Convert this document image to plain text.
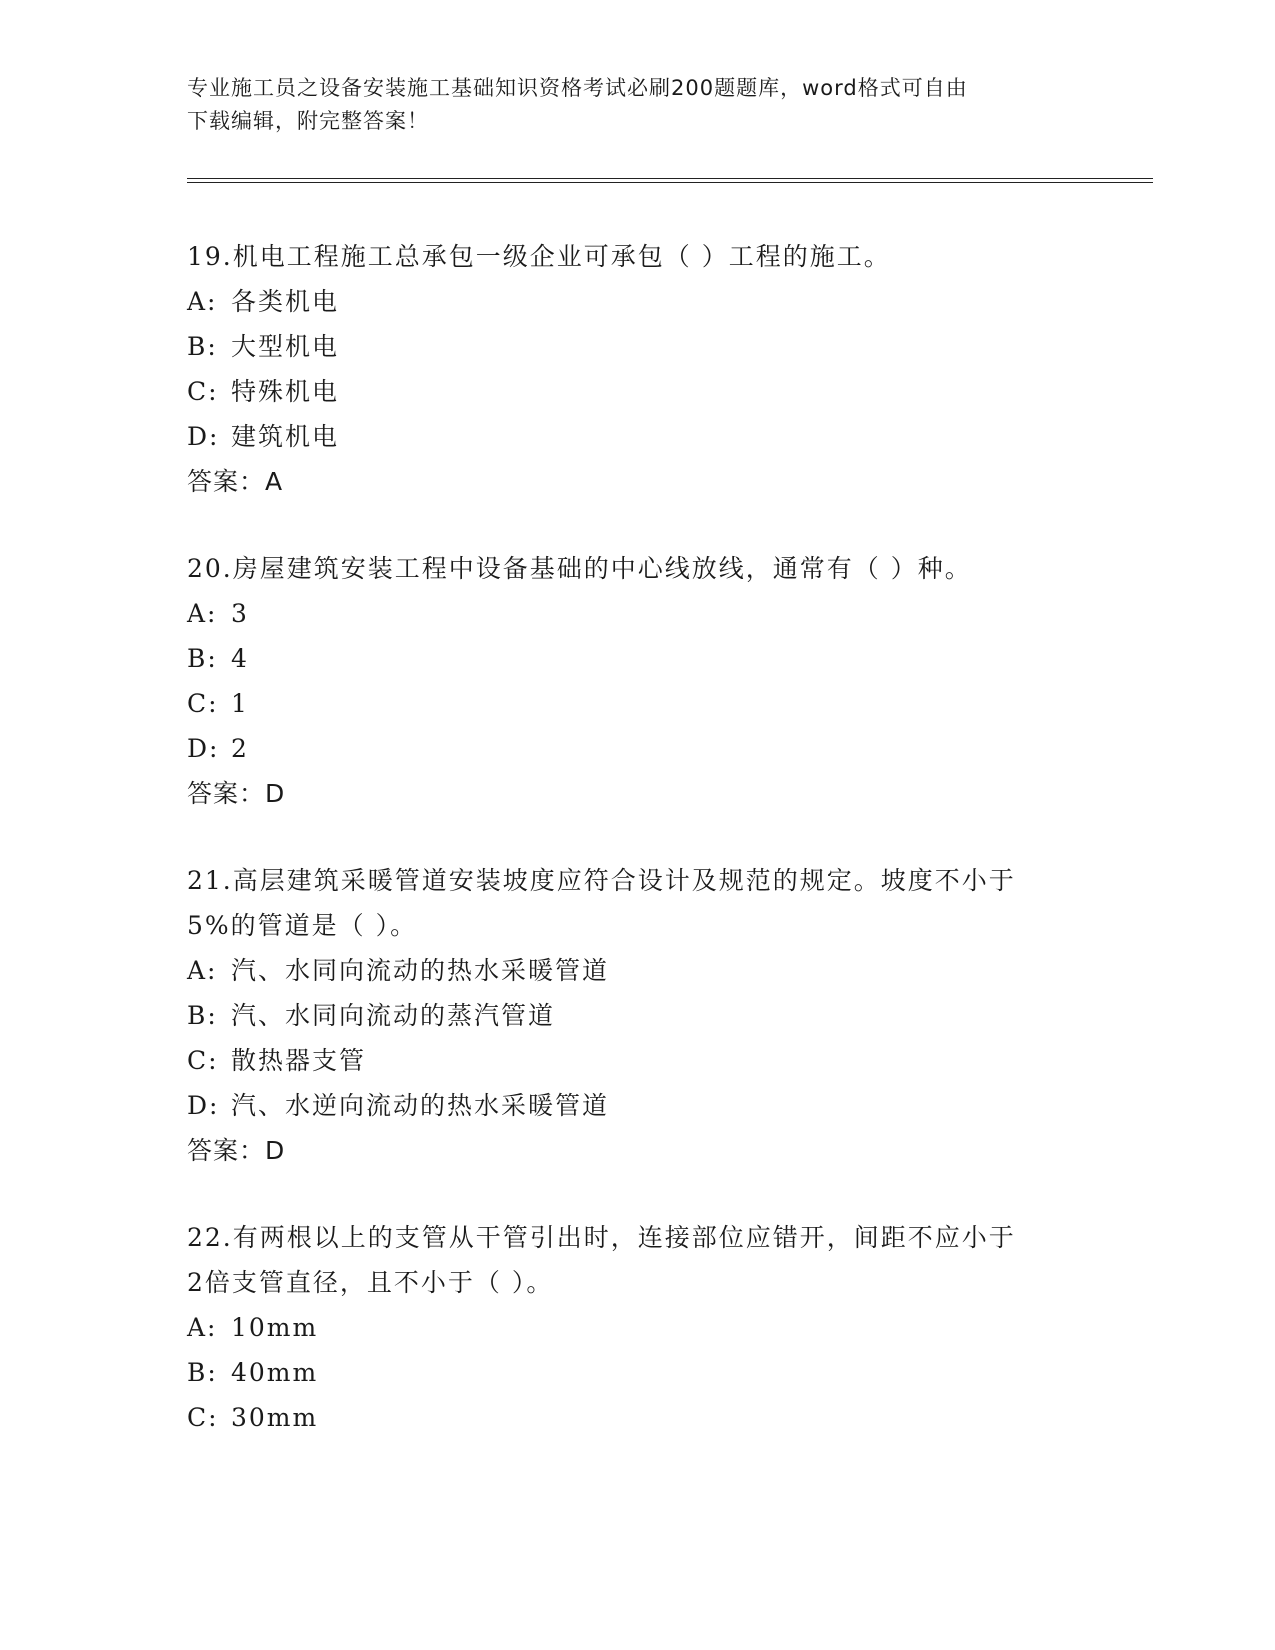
专业施工员之设备安装施工基础知识资格考试必刷200题题库，word格式可自由
下载编辑，附完整答案！
19.机电工程施工总承包一级企业可承包（ ）工程的施工。
A: 各类机电
B: 大型机电
C: 特殊机电
D: 建筑机电
答案：A
20.房屋建筑安装工程中设备基础的中心线放线，通常有（ ）种。
A: 3
B: 4
C: 1
D: 2
答案：D
21.高层建筑采暖管道安装坡度应符合设计及规范的规定。坡度不小于
5%的管道是（ ）。
A: 汽、水同向流动的热水采暖管道
B: 汽、水同向流动的蒸汽管道
C: 散热器支管
D: 汽、水逆向流动的热水采暖管道
答案：D
22.有两根以上的支管从干管引出时，连接部位应错开，间距不应小于
2倍支管直径，且不小于（ ）。
A: 10mm
B: 40mm
C: 30mm
